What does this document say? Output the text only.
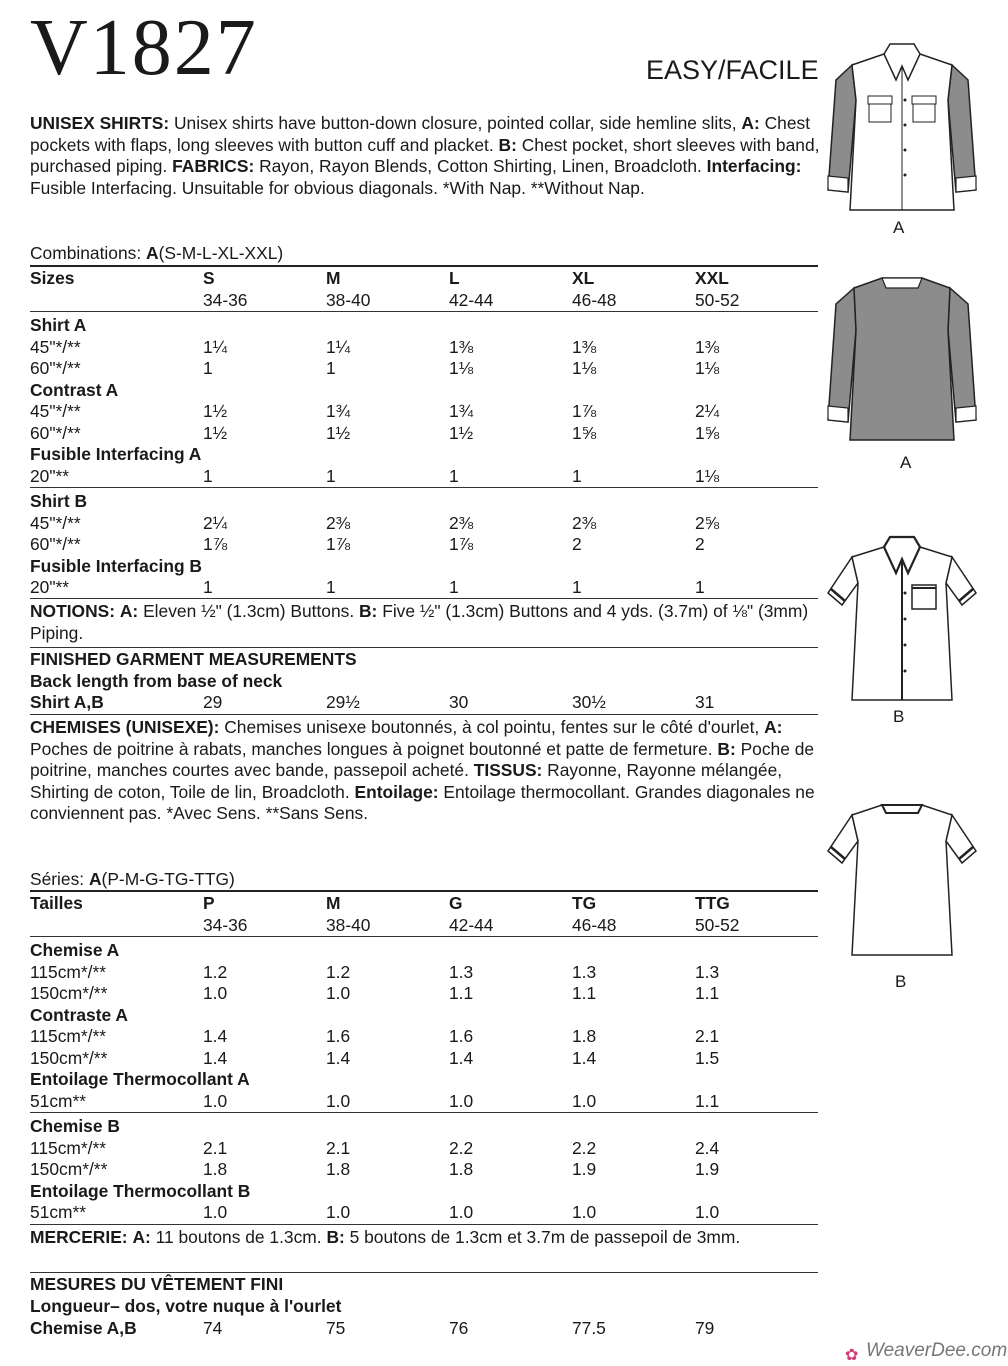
V1827	EASY/FACILE
UNISEX SHIRTS: Unisex shirts have button-down closure, pointed collar, side hemline slits, A: Chest pockets with flaps, long sleeves with button cuff and placket. B: Chest pocket, short sleeves with band, purchased piping. FABRICS: Rayon, Rayon Blends, Cotton Shirting, Linen, Broadcloth. Interfacing: Fusible Interfacing. Unsuitable for obvious diagonals. *With Nap. **Without Nap.
Combinations: A(S-M-L-XL-XXL)
Sizes	S	M	L	XL	XXL
	34-36	38-40	42-44	46-48	50-52
Shirt A					
45"*/**	1¼	1¼	1⅜	1⅜	1⅜
60"*/**	1	1	1⅛	1⅛	1⅛
Contrast A					
45"*/**	1½	1¾	1¾	1⅞	2¼
60"*/**	1½	1½	1½	1⅝	1⅝
Fusible Interfacing A					
20"**	1	1	1	1	1⅛
Shirt B					
45"*/**	2¼	2⅜	2⅜	2⅜	2⅝
60"*/**	1⅞	1⅞	1⅞	2	2
Fusible Interfacing B					
20"**	1	1	1	1	1
NOTIONS: A: Eleven ½" (1.3cm) Buttons. B: Five ½" (1.3cm) Buttons and 4 yds. (3.7m) of ⅛" (3mm) Piping.
FINISHED GARMENT MEASUREMENTS
Back length from base of neck
Shirt A,B	29	29½	30	30½	31
CHEMISES (UNISEXE): Chemises unisexe boutonnés, à col pointu, fentes sur le côté d'ourlet, A: Poches de poitrine à rabats, manches longues à poignet boutonné et patte de fermeture. B: Poche de poitrine, manches courtes avec bande, passepoil acheté. TISSUS: Rayonne, Rayonne mélangée, Shirting de coton, Toile de lin, Broadcloth. Entoilage: Entoilage thermocollant. Grandes diagonales ne conviennent pas. *Avec Sens. **Sans Sens.
Séries: A(P-M-G-TG-TTG)
Tailles	P	M	G	TG	TTG
	34-36	38-40	42-44	46-48	50-52
Chemise A					
115cm*/**	1.2	1.2	1.3	1.3	1.3
150cm*/**	1.0	1.0	1.1	1.1	1.1
Contraste A					
115cm*/**	1.4	1.6	1.6	1.8	2.1
150cm*/**	1.4	1.4	1.4	1.4	1.5
Entoilage Thermocollant A					
51cm**	1.0	1.0	1.0	1.0	1.1
Chemise B					
115cm*/**	2.1	2.1	2.2	2.2	2.4
150cm*/**	1.8	1.8	1.8	1.9	1.9
Entoilage Thermocollant B					
51cm**	1.0	1.0	1.0	1.0	1.0
MERCERIE: A: 11 boutons de 1.3cm. B: 5 boutons de 1.3cm et 3.7m de passepoil de 3mm.
MESURES DU VÊTEMENT FINI
Longueur– dos, votre nuque à l'ourlet
Chemise A,B	74	75	76	77.5	79
A
A
B
B
✿ WeaverDee.com
